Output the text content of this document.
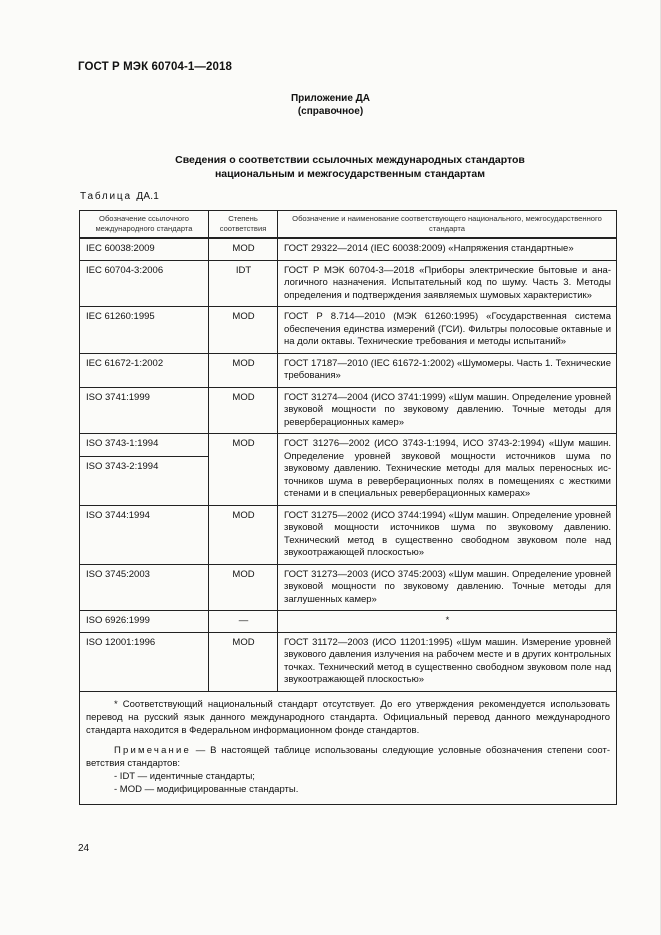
ГОСТ Р МЭК 60704-1—2018
Приложение ДА
(справочное)
Сведения о соответствии ссылочных международных стандартов
национальным и межгосударственным стандартам
Таблица ДА.1
Обозначение ссылочного международного стандарта	Степень соответствия	Обозначение и наименование соответствующего национального, межгосударственного стандарта
IEC 60038:2009	MOD	ГОСТ 29322—2014 (IEC 60038:2009) «Напряжения стандартные»
IEC 60704-3:2006	IDT	ГОСТ Р МЭК 60704-3—2018 «Приборы электрические бытовые и аналогичного назначения. Испытательный код по шуму. Часть 3. Методы определения и подтверждения заявляемых шумовых характеристик»
IEC 61260:1995	MOD	ГОСТ Р 8.714—2010 (МЭК 61260:1995) «Государственная система обеспечения единства измерений (ГСИ). Фильтры полосовые октавные и на доли октавы. Технические требования и методы испытаний»
IEC 61672-1:2002	MOD	ГОСТ 17187—2010 (IEC 61672-1:2002) «Шумомеры. Часть 1. Технические требования»
ISO 3741:1999	MOD	ГОСТ 31274—2004 (ИСО 3741:1999) «Шум машин. Определение уровней звуковой мощности по звуковому давлению. Точные методы для реверберационных камер»
ISO 3743-1:1994	MOD	ГОСТ 31276—2002 (ИСО 3743-1:1994, ИСО 3743-2:1994) «Шум машин. Определение уровней звуковой мощности источников шума по звуковому давлению. Технические методы для малых переносных источников шума в реверберационных полях в помещениях с жесткими стенами и в специальных реверберационных камерах»
ISO 3743-2:1994		
ISO 3744:1994	MOD	ГОСТ 31275—2002 (ИСО 3744:1994) «Шум машин. Определение уровней звуковой мощности источников шума по звуковому давлению. Технический метод в существенно свободном звуковом поле над звукоотражающей плоскостью»
ISO 3745:2003	MOD	ГОСТ 31273—2003 (ИСО 3745:2003) «Шум машин. Определение уровней звуковой мощности по звуковому давлению. Точные методы для заглушенных камер»
ISO 6926:1999	—	*
ISO 12001:1996	MOD	ГОСТ 31172—2003 (ИСО 11201:1995) «Шум машин. Измерение уровней звукового давления излучения на рабочем месте и в других контрольных точках. Технический метод в существенно свободном звуковом поле над звукоотражающей плоскостью»

* Соответствующий национальный стандарт отсутствует. До его утверждения рекомендуется использовать перевод на русский язык данного международного стандарта. Официальный перевод данного международного стандарта находится в Федеральном информационном фонде стандартов.

Примечание — В настоящей таблице использованы следующие условные обозначения степени соответствия стандартов:

- IDT — идентичные стандарты;

- MOD — модифицированные стандарты.		

24
